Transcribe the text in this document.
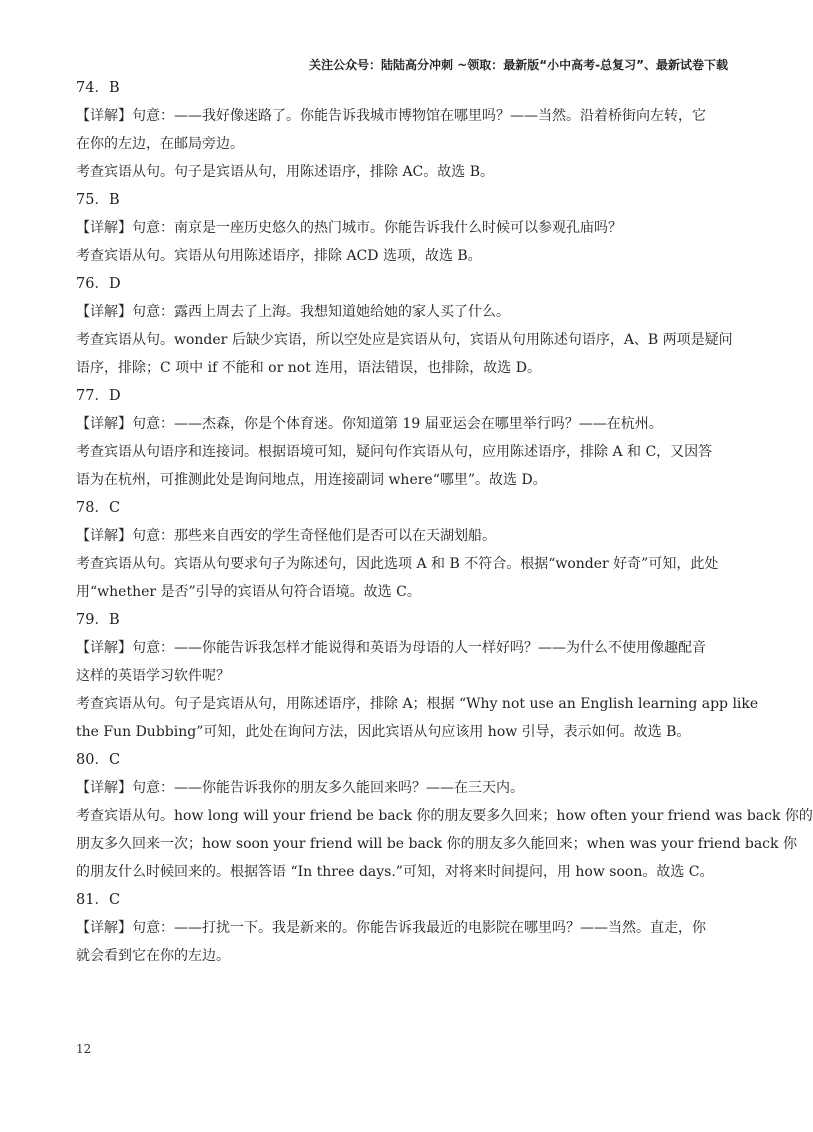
关注公众号：陆陆高分冲刺 ~领取：最新版“小中高考-总复习”、最新试卷下载
74．B
【详解】句意：——我好像迷路了。你能告诉我城市博物馆在哪里吗？——当然。沿着桥街向左转，它
在你的左边，在邮局旁边。
考查宾语从句。句子是宾语从句，用陈述语序，排除 AC。故选 B。
75．B
【详解】句意：南京是一座历史悠久的热门城市。你能告诉我什么时候可以参观孔庙吗？
考查宾语从句。宾语从句用陈述语序，排除 ACD 选项，故选 B。
76．D
【详解】句意：露西上周去了上海。我想知道她给她的家人买了什么。
考查宾语从句。wonder 后缺少宾语，所以空处应是宾语从句，宾语从句用陈述句语序，A、B 两项是疑问
语序，排除；C 项中 if 不能和 or not 连用，语法错误，也排除，故选 D。
77．D
【详解】句意：——杰森，你是个体育迷。你知道第 19 届亚运会在哪里举行吗？——在杭州。
考查宾语从句语序和连接词。根据语境可知，疑问句作宾语从句，应用陈述语序，排除 A 和 C，又因答
语为在杭州，可推测此处是询问地点，用连接副词 where“哪里”。故选 D。
78．C
【详解】句意：那些来自西安的学生奇怪他们是否可以在天湖划船。
考查宾语从句。宾语从句要求句子为陈述句，因此选项 A 和 B 不符合。根据“wonder 好奇”可知，此处
用“whether 是否”引导的宾语从句符合语境。故选 C。
79．B
【详解】句意：——你能告诉我怎样才能说得和英语为母语的人一样好吗？——为什么不使用像趣配音
这样的英语学习软件呢？
考查宾语从句。句子是宾语从句，用陈述语序，排除 A；根据 “Why not use an English learning app like
the Fun Dubbing”可知，此处在询问方法，因此宾语从句应该用 how 引导，表示如何。故选 B。
80．C
【详解】句意：——你能告诉我你的朋友多久能回来吗？——在三天内。
考查宾语从句。how long will your friend be back 你的朋友要多久回来；how often your friend was back 你的
朋友多久回来一次；how soon your friend will be back 你的朋友多久能回来；when was your friend back 你
的朋友什么时候回来的。根据答语 “In three days.”可知，对将来时间提问，用 how soon。故选 C。
81．C
【详解】句意：——打扰一下。我是新来的。你能告诉我最近的电影院在哪里吗？——当然。直走，你
就会看到它在你的左边。
12
